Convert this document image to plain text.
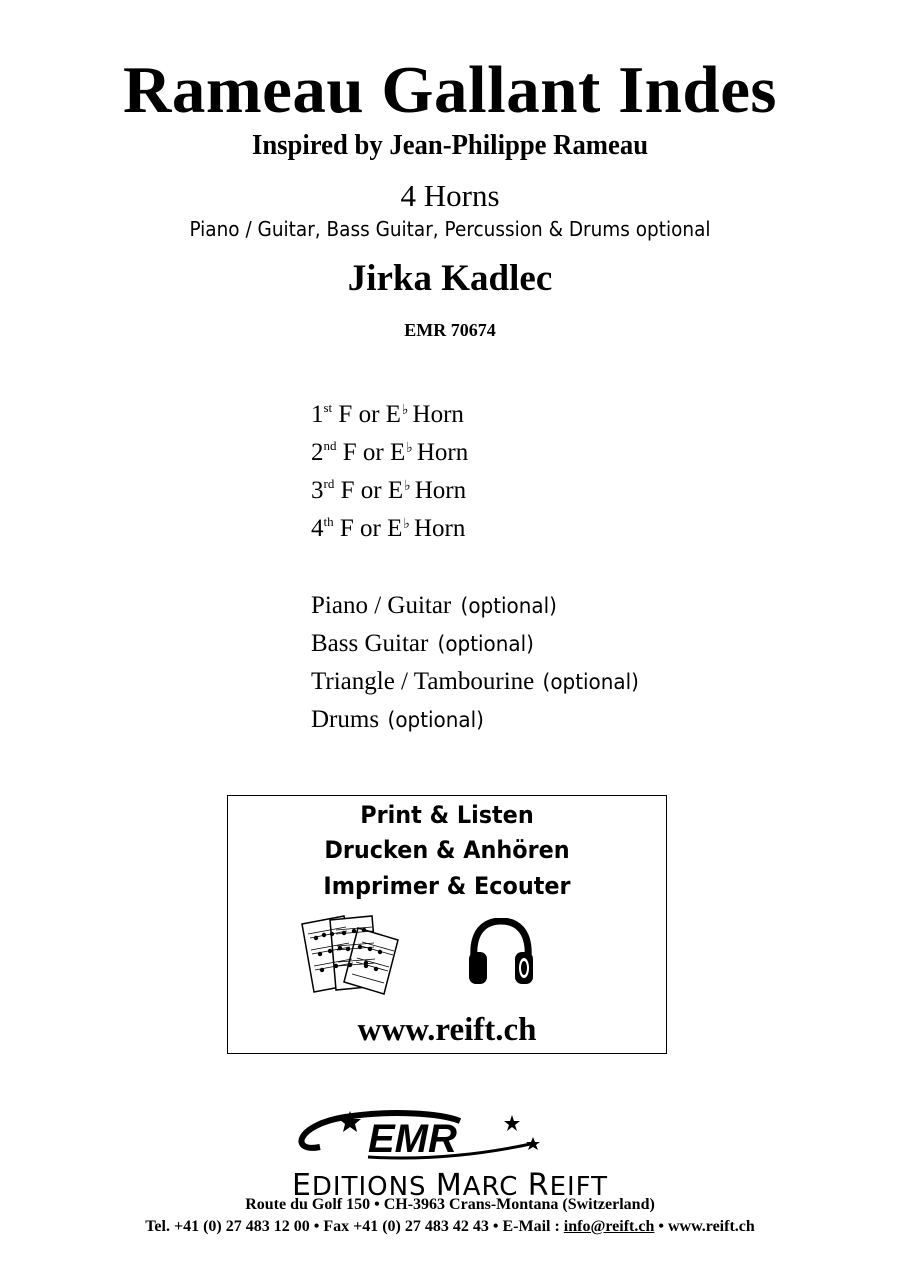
Rameau Gallant Indes
Inspired by Jean-Philippe Rameau
4 Horns
Piano / Guitar, Bass Guitar, Percussion & Drums optional
Jirka Kadlec
EMR 70674
1st F or E♭ Horn
2nd F or E♭ Horn
3rd F or E♭ Horn
4th F or E♭ Horn
Piano / Guitar (optional)
Bass Guitar (optional)
Triangle / Tambourine (optional)
Drums (optional)
Print & Listen
Drucken & Anhören
Imprimer & Ecouter
www.reift.ch
EMR
EDITIONS MARC REIFT
Route du Golf 150 • CH-3963 Crans-Montana (Switzerland)
Tel. +41 (0) 27 483 12 00 • Fax +41 (0) 27 483 42 43 • E-Mail : info@reift.ch • www.reift.ch
